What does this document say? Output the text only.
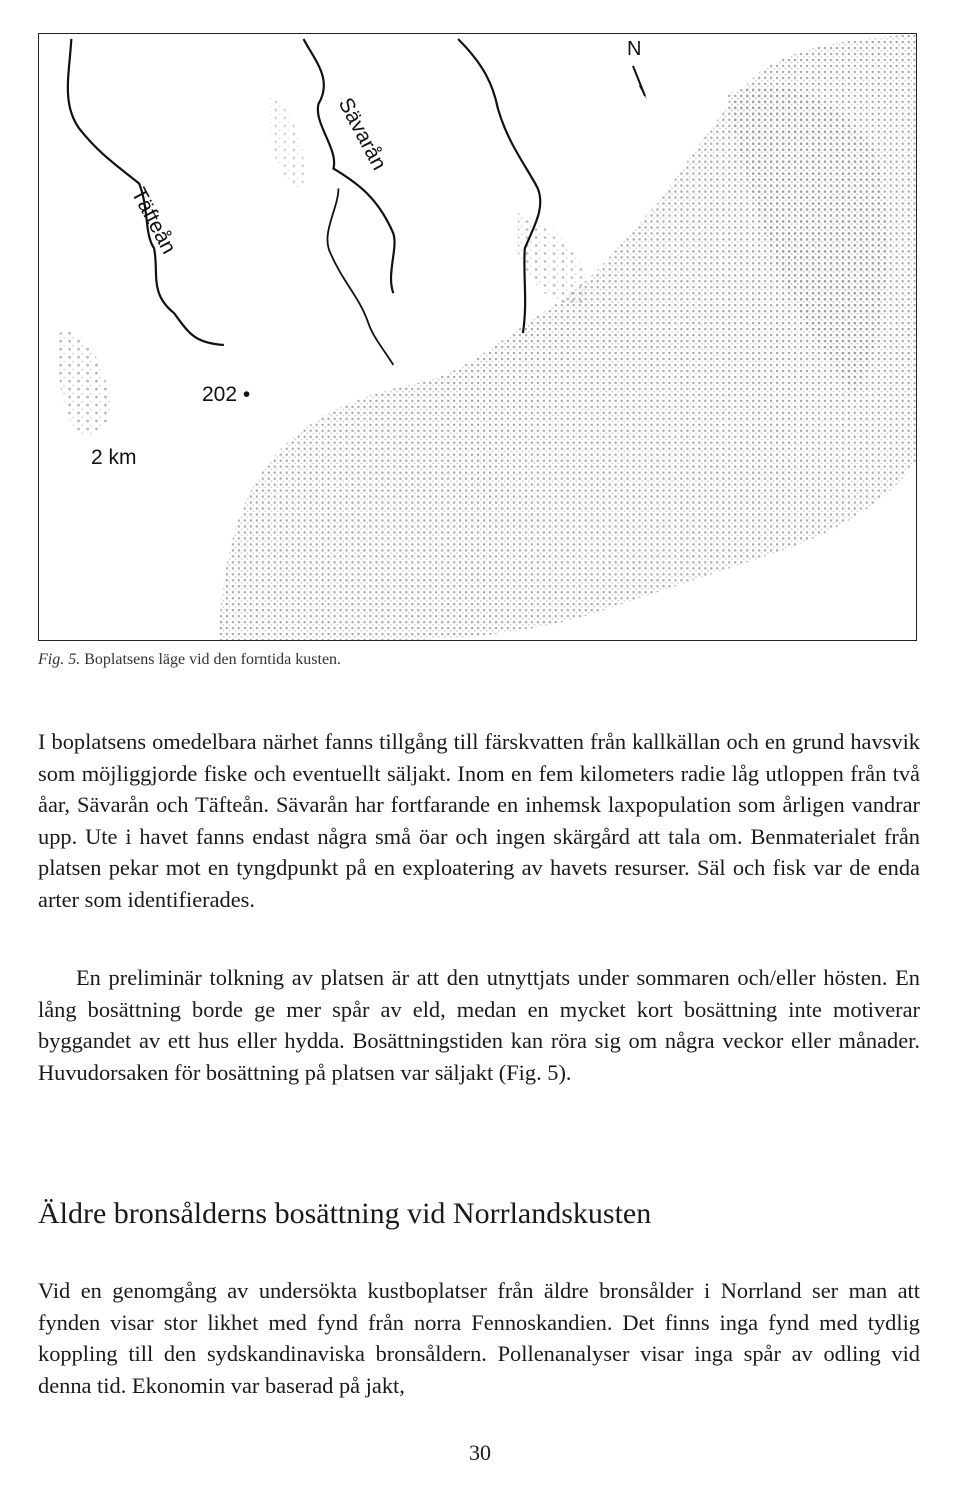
Täfteån
Sävarån
N
202 •
2 km
Fig. 5. Boplatsens läge vid den forntida kusten.

I boplatsens omedelbara närhet fanns tillgång till färskvatten från kallkällan och en grund havsvik som möjliggjorde fiske och eventuellt säljakt. Inom en fem kilometers radie låg utloppen från två åar, Sävarån och Täfteån. Sävarån har fortfarande en inhemsk laxpopulation som årligen vandrar upp. Ute i havet fanns endast några små öar och ingen skärgård att tala om. Benmaterialet från platsen pekar mot en tyngdpunkt på en exploatering av havets resurser. Säl och fisk var de enda arter som identifierades.

En preliminär tolkning av platsen är att den utnyttjats under sommaren och/eller hösten. En lång bosättning borde ge mer spår av eld, medan en mycket kort bosättning inte motiverar byggandet av ett hus eller hydda. Bosättningstiden kan röra sig om några veckor eller månader. Huvudorsaken för bosättning på platsen var säljakt (Fig. 5).

Äldre bronsålderns bosättning vid Norrlandskusten

Vid en genomgång av undersökta kustboplatser från äldre bronsålder i Norrland ser man att fynden visar stor likhet med fynd från norra Fennoskandien. Det finns inga fynd med tydlig koppling till den sydskandinaviska bronsåldern. Pollenanalyser visar inga spår av odling vid denna tid. Ekonomin var baserad på jakt,

30
